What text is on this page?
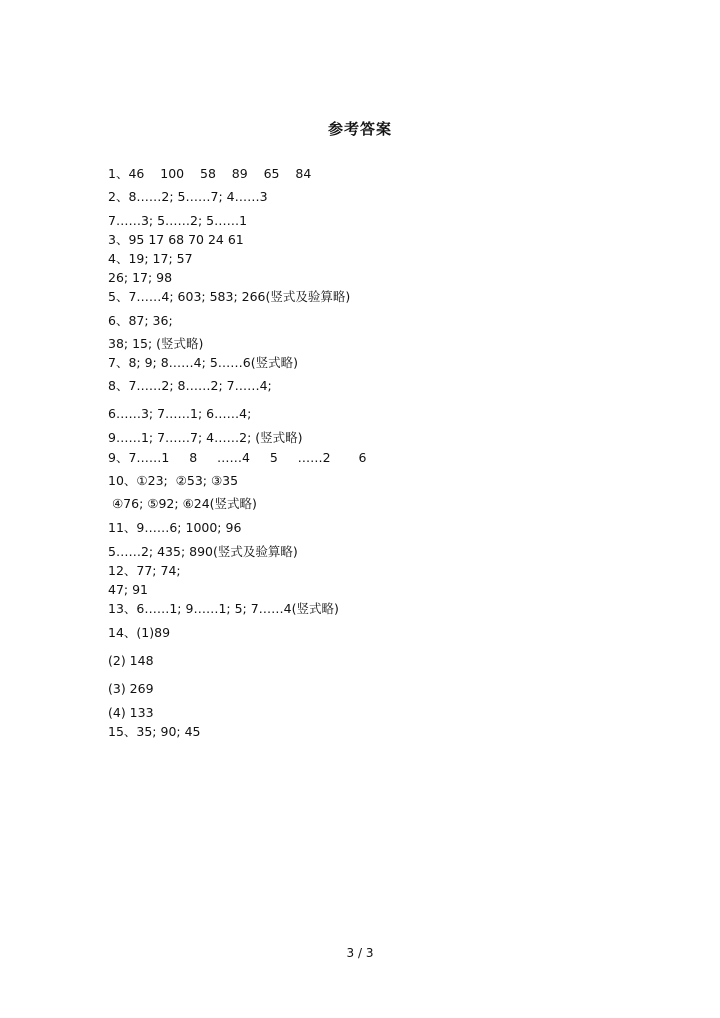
参考答案
1、46    100    58    89    65    84
2、8……2; 5……7; 4……3
7……3; 5……2; 5……1
3、95 17 68 70 24 61
4、19; 17; 57
26; 17; 98
5、7……4; 603; 583; 266(竖式及验算略)
6、87; 36;
38; 15; (竖式略)
7、8; 9; 8……4; 5……6(竖式略)
8、7……2; 8……2; 7……4;
6……3; 7……1; 6……4;
9……1; 7……7; 4……2; (竖式略)
9、7……1     8     ……4     5     ……2       6
10、①23;  ②53; ③35
④76; ⑤92; ⑥24(竖式略)
11、9……6; 1000; 96
5……2; 435; 890(竖式及验算略)
12、77; 74;
47; 91
13、6……1; 9……1; 5; 7……4(竖式略)
14、(1)89
(2) 148
(3) 269
(4) 133
15、35; 90; 45
3 / 3
